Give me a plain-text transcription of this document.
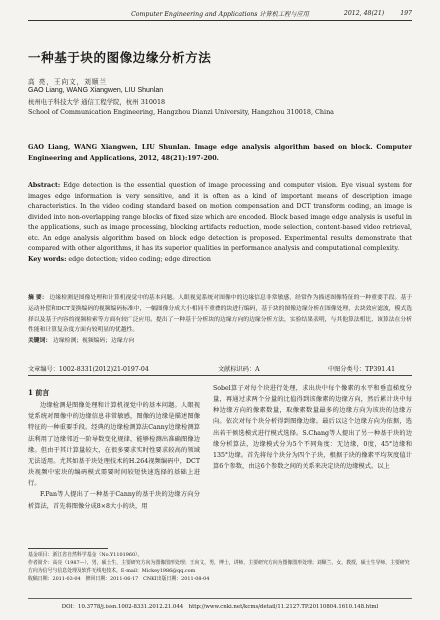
Computer Engineering and Applications 计算机工程与应用	2012, 48(21)	197
一种基于块的图像边缘分析方法
高 亮，王向文，刘顺兰
GAO Liang, WANG Xiangwen, LIU Shunlan
杭州电子科技大学 通信工程学院，杭州 310018
School of Communication Engineering, Hangzhou Dianzi University, Hangzhou 310018, China
GAO Liang, WANG Xiangwen, LIU Shunlan. Image edge analysis algorithm based on block. Computer Engineering and Applications, 2012, 48(21):197-200.
Abstract: Edge detection is the essential question of image processing and computer vision. Eye visual system for images edge information is very sensitive, and it is often as a kind of important means of description image characteristics. In the video coding standard based on motion compensation and DCT transform coding, an image is divided into non-overlapping range blocks of fixed size which are encoded. Block based image edge analysis is useful in the applications, such as image processing, blocking artifacts reduction, mode selection, content-based video retrieval, etc. An edge analysis algorithm based on block edge detection is proposed. Experimental results demonstrate that compared with other algorithms, it has its superior qualities in performance analysis and computational complexity.
Key words: edge detection; video coding; edge direction
摘 要： 边缘检测是图像处理和计算机视觉中的基本问题。人眼视觉系统对图像中的边缘信息非常敏感，经常作为描述图像特征的一种重要手段。基于运动补偿和DCT变换编码的视频编码标准中，一幅图像分成大小相同不重叠的块进行编码，基于块的图像边缘分析在图像处理，去块效应滤波，模式选择以及基于内容的视频检索等方面有较广泛应用。提出了一种基于分析块的边缘方向的边缘分析方法，实验结果表明，与其他算法相比，该算法在分析性能和计算复杂度方面有较明显的优越性。
关键词： 边缘检测；视频编码；边缘方向
文章编号：1002-8331(2012)21-0197-04	文献标识码：A	中图分类号：TP391.41
1 前言

边缘检测是图像处理和计算机视觉中的基本问题。人眼视觉系统对图像中的边缘信息非常敏感，图像的边缘是描述图像特征的一种重要手段。经典的边缘检测算法Canny边缘检测算法利用了边缘邻近一阶导数变化规律，能够检测出准确图像边缘。但由于其计算量较大，在很多要求实时性要求较高的领域无法适用。尤其如基于块处理技术的H.264视频编码中，DCT块视频中宏块的编码模式需要时间较短快速选择的基础上进行。

F.Pan等人提出了一种基于Canny的基于块的边缘方向分析算法，首先将图像分成8×8大小的块，用

Sobel算子对每个块进行处理，求出块中每个像素的水平和垂直梯度分量，再通过求两个分量的比值得到该像素的边缘方向，然后累计块中每种边缘方向的像素数量，取像素数量最多的边缘方向为该块的边缘方向。依次对每个块分析得到图像边缘。最后以这个边缘方向为依据，选出若干候选模式进行模式选择。S.Chang等人提出了另一种基于块的边缘分析算法，边缘模式分为5个不同角度：无边缘，0度，45°边缘和135°边缘。首先将每个块分为四个子块，根据子块的像素平均灰度值计算6个参数，由这6个参数之间的关系来决定块的边缘模式。以上

基金项目：浙江省自然科学基金（No.Y1101960）。
作者简介：高亮（1987—），男，硕士生，主要研究方向为图像图形处理；王向文，男，博士，讲师，主要研究方向为图像图形处理；刘顺兰，女，教授，硕士生导师，主要研究方向为信号与信息处理及软件无线电技术。E-mail：Mickey1986@qq.com
收稿日期：2011-03-04　修回日期：2011-06-17　CNKI出版日期：2011-08-04
DOI：10.3778/j.issn.1002-8331.2012.21.044　http://www.cnki.net/kcms/detail/11.2127.TP.20110804.1610.148.html
